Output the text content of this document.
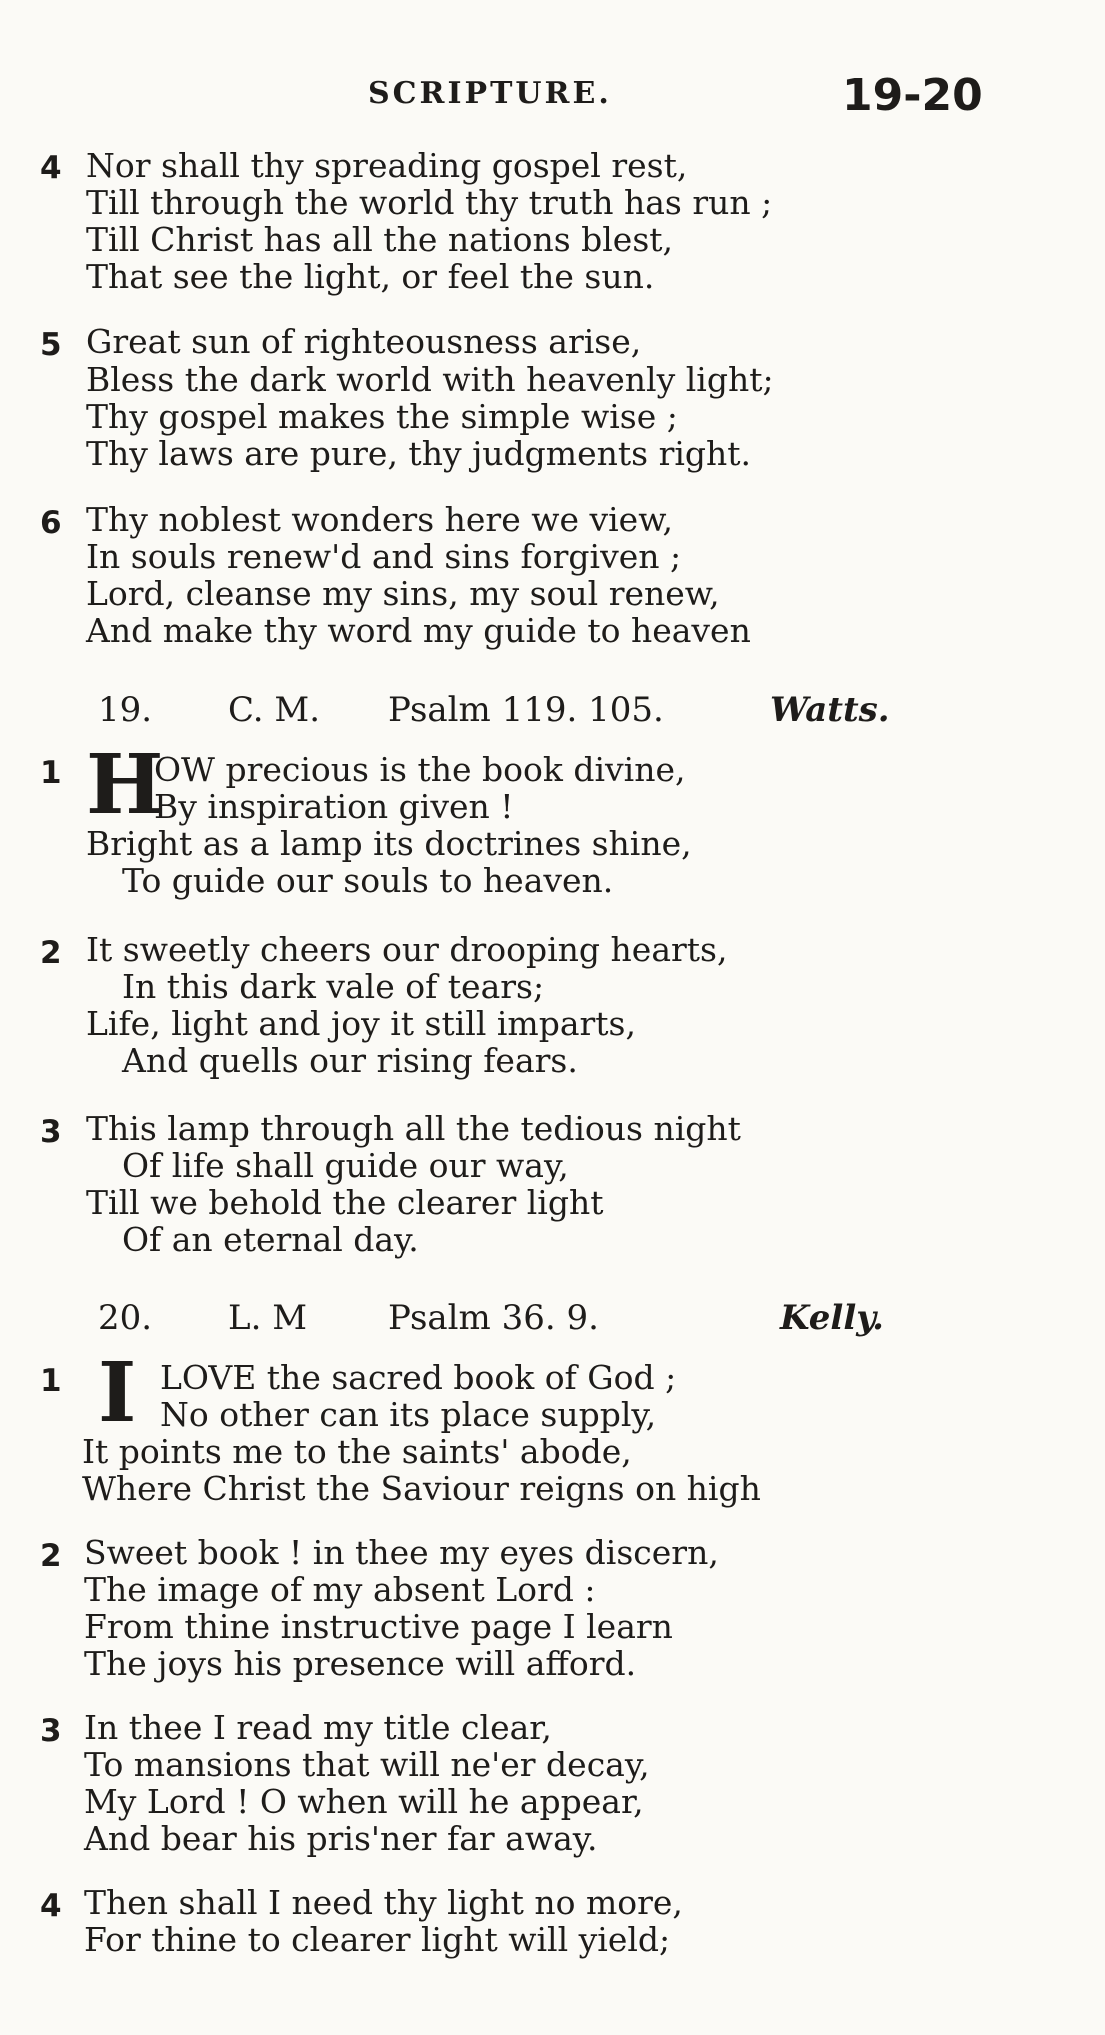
SCRIPTURE.	19-20
4 Nor shall thy spreading gospel rest,
Till through the world thy truth has run ;
Till Christ has all the nations blest,
That see the light, or feel the sun.
5 Great sun of righteousness arise,
Bless the dark world with heavenly light;
Thy gospel makes the simple wise ;
Thy laws are pure, thy judgments right.
6 Thy noblest wonders here we view,
In souls renew'd and sins forgiven ;
Lord, cleanse my sins, my soul renew,
And make thy word my guide to heaven
19. C. M. Psalm 119. 105.	Watts.
1 H
OW precious is the book divine,
By inspiration given !
Bright as a lamp its doctrines shine,
To guide our souls to heaven.
2 It sweetly cheers our drooping hearts,
In this dark vale of tears;
Life, light and joy it still imparts,
And quells our rising fears.
3 This lamp through all the tedious night
Of life shall guide our way,
Till we behold the clearer light
Of an eternal day.
20. L. M Psalm 36. 9.	Kelly.
1 I LOVE the sacred book of God ;
No other can its place supply,
It points me to the saints' abode,
Where Christ the Saviour reigns on high
2 Sweet book ! in thee my eyes discern,
The image of my absent Lord :
From thine instructive page I learn
The joys his presence will afford.
3 In thee I read my title clear,
To mansions that will ne'er decay,
My Lord ! O when will he appear,
And bear his pris'ner far away.
4 Then shall I need thy light no more,
For thine to clearer light will yield;
